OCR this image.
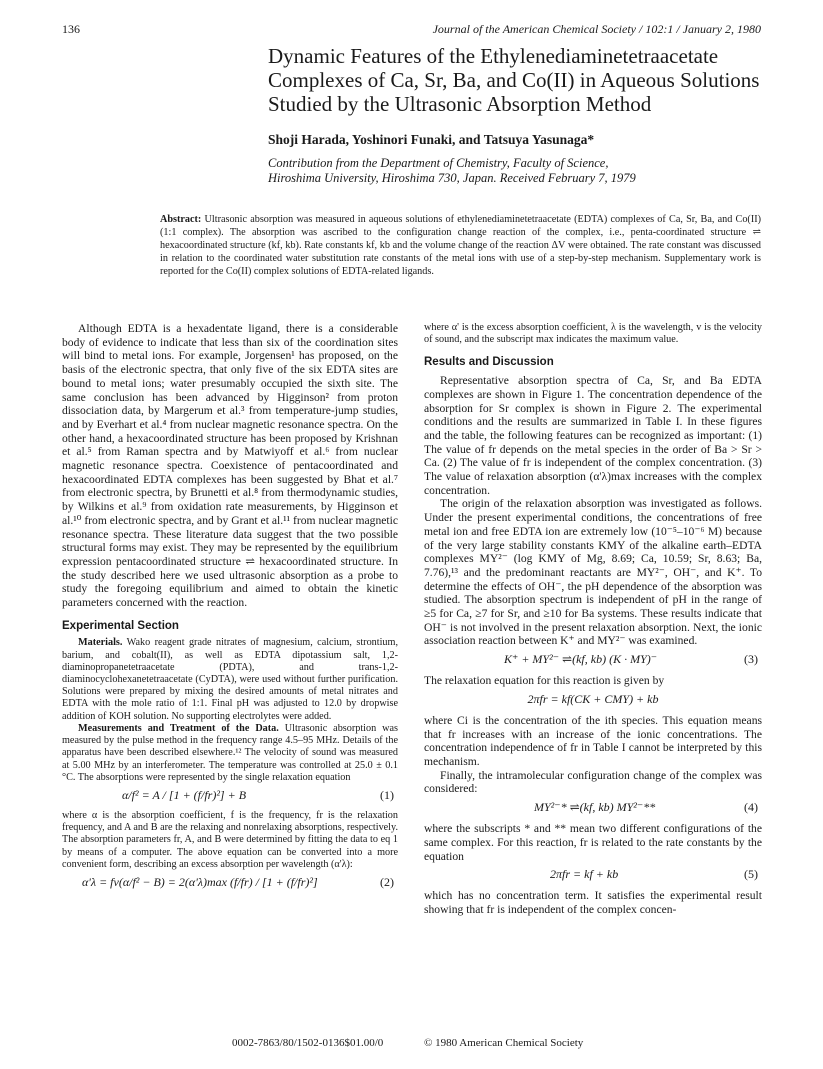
136	Journal of the American Chemical Society / 102:1 / January 2, 1980
Dynamic Features of the Ethylenediaminetetraacetate Complexes of Ca, Sr, Ba, and Co(II) in Aqueous Solutions Studied by the Ultrasonic Absorption Method
Shoji Harada, Yoshinori Funaki, and Tatsuya Yasunaga*
Contribution from the Department of Chemistry, Faculty of Science,
Hiroshima University, Hiroshima 730, Japan. Received February 7, 1979
Abstract: Ultrasonic absorption was measured in aqueous solutions of ethylenediaminetetraacetate (EDTA) complexes of Ca, Sr, Ba, and Co(II) (1:1 complex). The absorption was ascribed to the configuration change reaction of the complex, i.e., penta-coordinated structure ⇌ hexacoordinated structure (kf, kb). Rate constants kf, kb and the volume change of the reaction ΔV were obtained. The rate constant was discussed in relation to the coordinated water substitution rate constants of the metal ions with use of a step-by-step mechanism. Supplementary work is reported for the Co(II) complex solutions of EDTA-related ligands.

Although EDTA is a hexadentate ligand, there is a considerable body of evidence to indicate that less than six of the coordination sites will bind to metal ions. For example, Jorgensen¹ has proposed, on the basis of the electronic spectra, that only five of the six EDTA sites are bound to metal ions; water presumably occupied the sixth site. The same conclusion has been advanced by Higginson² from proton dissociation data, by Margerum et al.³ from temperature-jump studies, and by Everhart et al.⁴ from nuclear magnetic resonance spectra. On the other hand, a hexacoordinated structure has been proposed by Krishnan et al.⁵ from Raman spectra and by Matwiyoff et al.⁶ from nuclear magnetic resonance spectra. Coexistence of pentacoordinated and hexacoordinated EDTA complexes has been suggested by Bhat et al.⁷ from electronic spectra, by Brunetti et al.⁸ from thermodynamic studies, by Wilkins et al.⁹ from oxidation rate measurements, by Higginson et al.¹⁰ from electronic spectra, and by Grant et al.¹¹ from nuclear magnetic resonance spectra. These literature data suggest that the two possible structural forms may exist. They may be represented by the equilibrium expression pentacoordinated structure ⇌ hexacoordinated structure. In the study described here we used ultrasonic absorption as a probe to study the foregoing equilibrium and aimed to obtain the kinetic parameters concerned with the reaction.

Experimental Section

Materials. Wako reagent grade nitrates of magnesium, calcium, strontium, barium, and cobalt(II), as well as EDTA dipotassium salt, 1,2-diaminopropanetetraacetate (PDTA), and trans-1,2-diaminocyclohexanetetraacetate (CyDTA), were used without further purification. Solutions were prepared by mixing the desired amounts of metal nitrates and EDTA with the mole ratio of 1:1. Final pH was adjusted to 12.0 by dropwise addition of KOH solution. No supporting electrolytes were added.

Measurements and Treatment of the Data. Ultrasonic absorption was measured by the pulse method in the frequency range 4.5–95 MHz. Details of the apparatus have been described elsewhere.¹² The velocity of sound was measured at 5.00 MHz by an interferometer. The temperature was controlled at 25.0 ± 0.1 °C. The absorptions were represented by the single relaxation equation

α/f² = A / [1 + (f/fr)²] + B	(1)

where α is the absorption coefficient, f is the frequency, fr is the relaxation frequency, and A and B are the relaxing and nonrelaxing absorptions, respectively. The absorption parameters fr, A, and B were determined by fitting the data to eq 1 by means of a computer. The above equation can be converted into a more convenient form, describing an excess absorption per wavelength (α'λ):

α'λ = fv(α/f² − B) = 2(α'λ)max (f/fr) / [1 + (f/fr)²]	(2)

where α' is the excess absorption coefficient, λ is the wavelength, v is the velocity of sound, and the subscript max indicates the maximum value.

Results and Discussion

Representative absorption spectra of Ca, Sr, and Ba EDTA complexes are shown in Figure 1. The concentration dependence of the absorption for Sr complex is shown in Figure 2. The experimental conditions and the results are summarized in Table I. In these figures and the table, the following features can be recognized as important: (1) The value of fr depends on the metal species in the order of Ba > Sr > Ca. (2) The value of fr is independent of the complex concentration. (3) The value of relaxation absorption (α'λ)max increases with the complex concentration.

The origin of the relaxation absorption was investigated as follows. Under the present experimental conditions, the concentrations of free metal ion and free EDTA ion are extremely low (10⁻⁵–10⁻⁶ M) because of the very large stability constants KMY of the alkaline earth–EDTA complexes MY²⁻ (log KMY of Mg, 8.69; Ca, 10.59; Sr, 8.63; Ba, 7.76),¹³ and the predominant reactants are MY²⁻, OH⁻, and K⁺. To determine the effects of OH⁻, the pH dependence of the absorption was studied. The absorption spectrum is independent of pH in the range of ≥5 for Ca, ≥7 for Sr, and ≥10 for Ba systems. These results indicate that OH⁻ is not involved in the present relaxation absorption. Next, the ionic association reaction between K⁺ and MY²⁻ was examined.

K⁺ + MY²⁻ ⇌(kf, kb) (K · MY)⁻	(3)

The relaxation equation for this reaction is given by

2πfr = kf(CK + CMY) + kb

where Ci is the concentration of the ith species. This equation means that fr increases with an increase of the ionic concentrations. The concentration independence of fr in Table I cannot be interpreted by this mechanism.

Finally, the intramolecular configuration change of the complex was considered:

MY²⁻* ⇌(kf, kb) MY²⁻**	(4)

where the subscripts * and ** mean two different configurations of the same complex. For this reaction, fr is related to the rate constants by the equation

2πfr = kf + kb	(5)

which has no concentration term. It satisfies the experimental result showing that fr is independent of the complex concen-

0002-7863/80/1502-0136$01.00/0	© 1980 American Chemical Society
